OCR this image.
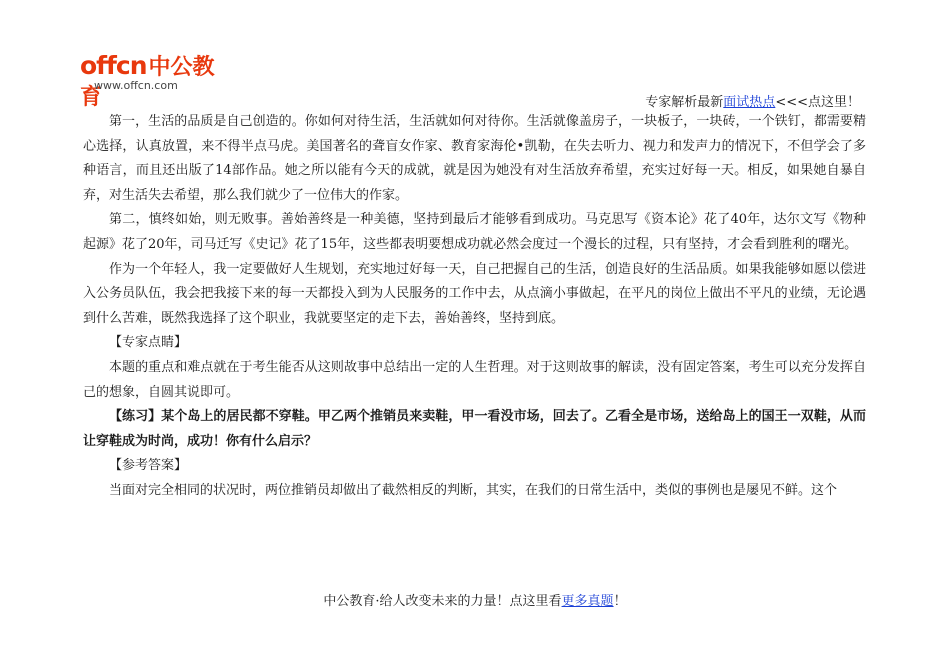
offcn中公教育
www.offcn.com
专家解析最新面试热点<<<点这里！

第一，生活的品质是自己创造的。你如何对待生活，生活就如何对待你。生活就像盖房子，一块板子，一块砖，一个铁钉，都需要精心选择，认真放置，来不得半点马虎。美国著名的聋盲女作家、教育家海伦•凯勒，在失去听力、视力和发声力的情况下，不但学会了多种语言，而且还出版了14部作品。她之所以能有今天的成就，就是因为她没有对生活放弃希望，充实过好每一天。相反，如果她自暴自弃，对生活失去希望，那么我们就少了一位伟大的作家。

第二，慎终如始，则无败事。善始善终是一种美德，坚持到最后才能够看到成功。马克思写《资本论》花了40年，达尔文写《物种起源》花了20年，司马迁写《史记》花了15年，这些都表明要想成功就必然会度过一个漫长的过程，只有坚持，才会看到胜利的曙光。

作为一个年轻人，我一定要做好人生规划，充实地过好每一天，自己把握自己的生活，创造良好的生活品质。如果我能够如愿以偿进入公务员队伍，我会把我接下来的每一天都投入到为人民服务的工作中去，从点滴小事做起，在平凡的岗位上做出不平凡的业绩，无论遇到什么苦难，既然我选择了这个职业，我就要坚定的走下去，善始善终，坚持到底。

【专家点睛】

本题的重点和难点就在于考生能否从这则故事中总结出一定的人生哲理。对于这则故事的解读，没有固定答案，考生可以充分发挥自己的想象，自圆其说即可。

【练习】某个岛上的居民都不穿鞋。甲乙两个推销员来卖鞋，甲一看没市场，回去了。乙看全是市场，送给岛上的国王一双鞋，从而让穿鞋成为时尚，成功！你有什么启示？

【参考答案】

当面对完全相同的状况时，两位推销员却做出了截然相反的判断，其实，在我们的日常生活中，类似的事例也是屡见不鲜。这个

中公教育·给人改变未来的力量！点这里看更多真题！
